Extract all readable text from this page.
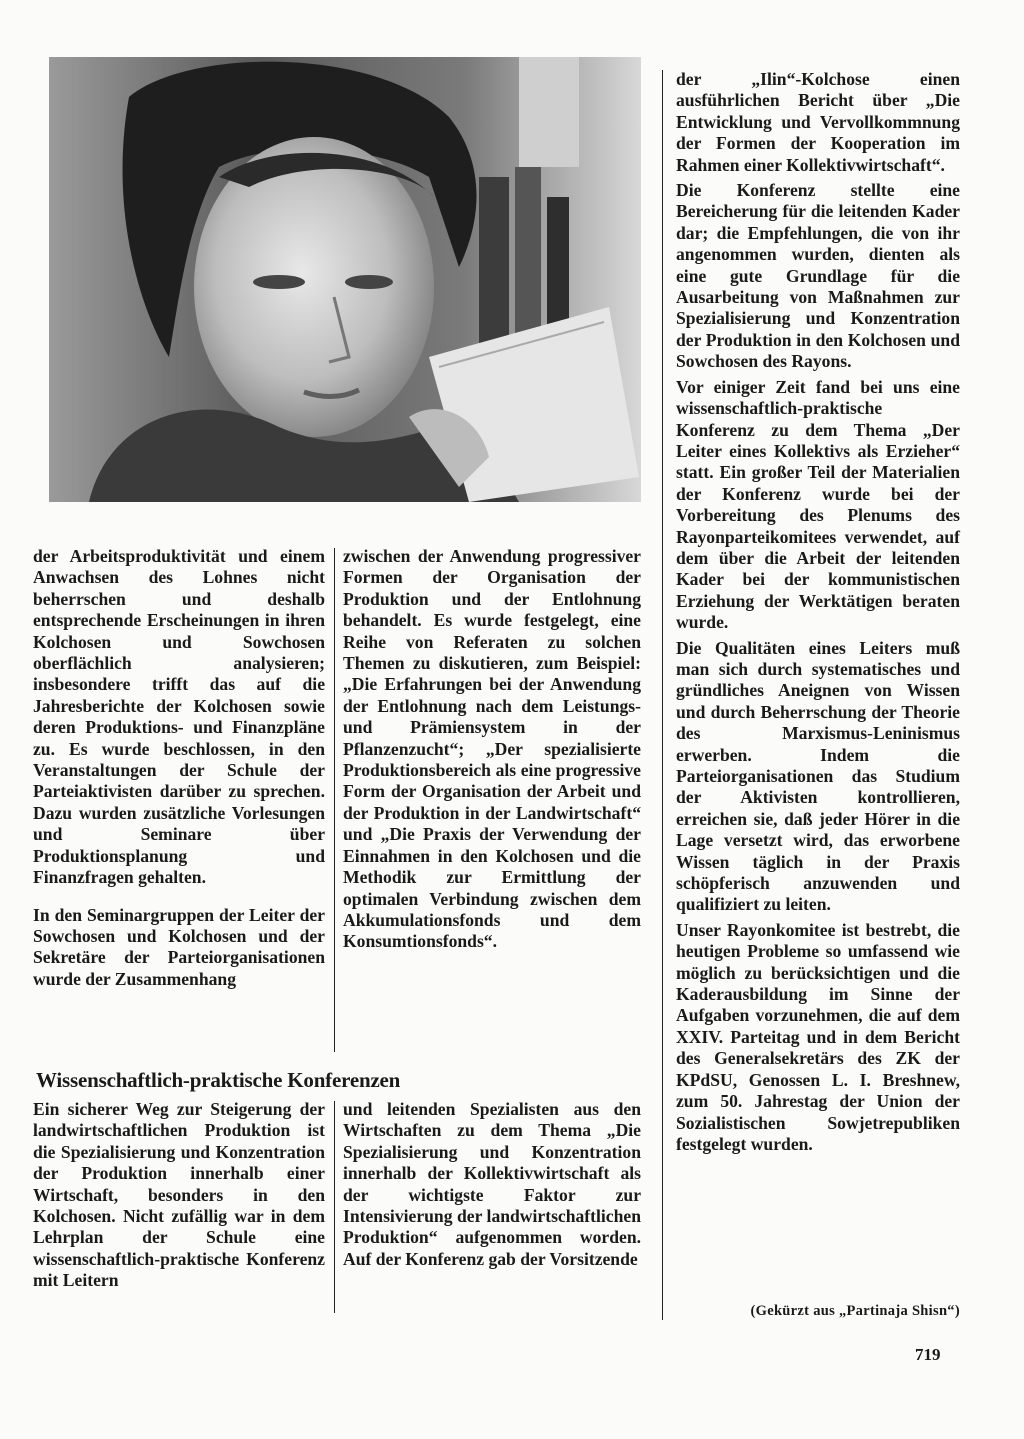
der Arbeitsproduktivität und einem Anwachsen des Lohnes nicht beherrschen und deshalb entsprechende Erscheinungen in ihren Kolchosen und Sowchosen oberflächlich analysieren; insbesondere trifft das auf die Jahresberichte der Kolchosen sowie deren Produktions- und Finanzpläne zu. Es wurde beschlossen, in den Veranstaltungen der Schule der Parteiaktivisten darüber zu sprechen. Dazu wurden zusätzliche Vorlesungen und Seminare über Produktionsplanung und Finanzfragen gehalten.

In den Seminargruppen der Leiter der Sowchosen und Kolchosen und der Sekretäre der Parteiorganisationen wurde der Zusammenhang

zwischen der Anwendung progressiver Formen der Organisation der Produktion und der Entlohnung behandelt. Es wurde festgelegt, eine Reihe von Referaten zu solchen Themen zu diskutieren, zum Beispiel: „Die Erfahrungen bei der Anwendung der Entlohnung nach dem Leistungs- und Prämiensystem in der Pflanzenzucht“; „Der spezialisierte Produktionsbereich als eine progressive Form der Organisation der Arbeit und der Produktion in der Landwirtschaft“ und „Die Praxis der Verwendung der Einnahmen in den Kolchosen und die Methodik zur Ermittlung der optimalen Verbindung zwischen dem Akkumulationsfonds und dem Konsumtionsfonds“.

der „Ilin“-Kolchose einen ausführlichen Bericht über „Die Entwicklung und Vervollkommnung der Formen der Kooperation im Rahmen einer Kollektivwirtschaft“.

Die Konferenz stellte eine Bereicherung für die leitenden Kader dar; die Empfehlungen, die von ihr angenommen wurden, dienten als eine gute Grundlage für die Ausarbeitung von Maßnahmen zur Spezialisierung und Konzentration der Produktion in den Kolchosen und Sowchosen des Rayons.

Vor einiger Zeit fand bei uns eine wissenschaftlich-praktische Konferenz zu dem Thema „Der Leiter eines Kollektivs als Erzieher“ statt. Ein großer Teil der Materialien der Konferenz wurde bei der Vorbereitung des Plenums des Rayonparteikomitees verwendet, auf dem über die Arbeit der leitenden Kader bei der kommunistischen Erziehung der Werktätigen beraten wurde.

Die Qualitäten eines Leiters muß man sich durch systematisches und gründliches Aneignen von Wissen und durch Beherrschung der Theorie des Marxismus-Leninismus erwerben. Indem die Parteiorganisationen das Studium der Aktivisten kontrollieren, erreichen sie, daß jeder Hörer in die Lage versetzt wird, das erworbene Wissen täglich in der Praxis schöpferisch anzuwenden und qualifiziert zu leiten.

Unser Rayonkomitee ist bestrebt, die heutigen Probleme so umfassend wie möglich zu berücksichtigen und die Kaderausbildung im Sinne der Aufgaben vorzunehmen, die auf dem XXIV. Parteitag und in dem Bericht des Generalsekretärs des ZK der KPdSU, Genossen L. I. Breshnew, zum 50. Jahrestag der Union der Sozialistischen Sowjetrepubliken festgelegt wurden.

Wissenschaftlich-praktische Konferenzen

Ein sicherer Weg zur Steigerung der landwirtschaftlichen Produktion ist die Spezialisierung und Konzentration der Produktion innerhalb einer Wirtschaft, besonders in den Kolchosen. Nicht zufällig war in dem Lehrplan der Schule eine wissenschaftlich-praktische Konferenz mit Leitern

und leitenden Spezialisten aus den Wirtschaften zu dem Thema „Die Spezialisierung und Konzentration innerhalb der Kollektivwirtschaft als der wichtigste Faktor zur Intensivierung der landwirtschaftlichen Produktion“ aufgenommen worden. Auf der Konferenz gab der Vorsitzende

(Gekürzt aus „Partinaja Shisn“)
719
